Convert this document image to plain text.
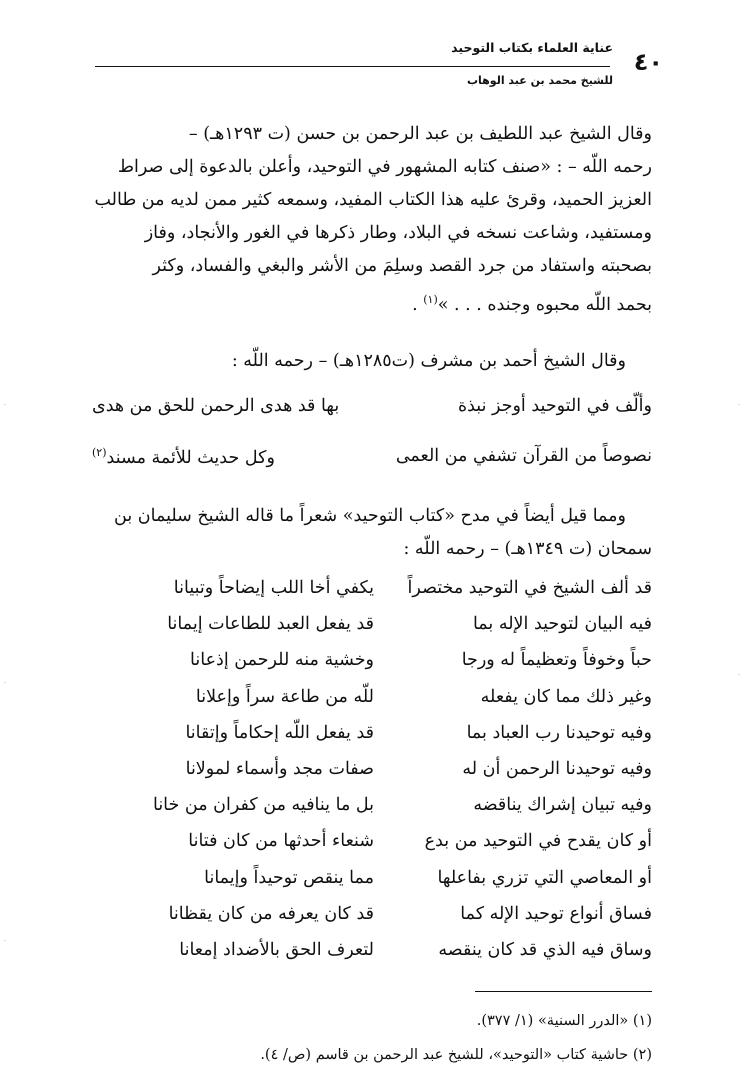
٤٠
عناية العلماء بكتاب التوحيد
للشيخ محمد بن عبد الوهاب
وقال الشيخ عبد اللطيف بن عبد الرحمن بن حسن (ت ١٢٩٣هـ) –
رحمه اللّه – : «صنف كتابه المشهور في التوحيد، وأعلن بالدعوة إلى صراط
العزيز الحميد، وقرئ عليه هذا الكتاب المفيد، وسمعه كثير ممن لديه من طالب
ومستفيد، وشاعت نسخه في البلاد، وطار ذكرها في الغور والأنجاد، وفاز
بصحبته واستفاد من جرد القصد وسلِمَ من الأشر والبغي والفساد، وكثر
بحمد اللّه محبوه وجنده . . . »$^{(١)}$ .
وقال الشيخ أحمد بن مشرف (ت١٢٨٥هـ) – رحمه اللّه :
وألّف في التوحيد أوجز نبذة
بها قد هدى الرحمن للحق من هدى
نصوصاً من القرآن تشفي من العمى
وكل حديث للأئمة مسند$^{(٢)}$
ومما قيل أيضاً في مدح «كتاب التوحيد» شعراً ما قاله الشيخ سليمان بن
سمحان (ت ١٣٤٩هـ) – رحمه اللّه :
قد ألف الشيخ في التوحيد مختصراً
فيه البيان لتوحيد الإله بما
حباً وخوفاً وتعظيماً له ورجا
وغير ذلك مما كان يفعله
وفيه توحيدنا رب العباد بما
وفيه توحيدنا الرحمن أن له
وفيه تبيان إشراك يناقضه
أو كان يقدح في التوحيد من بدع
أو المعاصي التي تزري بفاعلها
فساق أنواع توحيد الإله كما
وساق فيه الذي قد كان ينقصه
يكفي أخا اللب إيضاحاً وتبيانا
قد يفعل العبد للطاعات إيمانا
وخشية منه للرحمن إذعانا
للّه من طاعة سراً وإعلانا
قد يفعل اللّه إحكاماً وإتقانا
صفات مجد وأسماء لمولانا
بل ما ينافيه من كفران من خانا
شنعاء أحدثها من كان فتانا
مما ينقص توحيداً وإيمانا
قد كان يعرفه من كان يقظانا
لتعرف الحق بالأضداد إمعانا
(١) «الدرر السنية» (١/ ٣٧٧).
(٢) حاشية كتاب «التوحيد»، للشيخ عبد الرحمن بن قاسم (ص/ ٤).
·
·
·
·
·
